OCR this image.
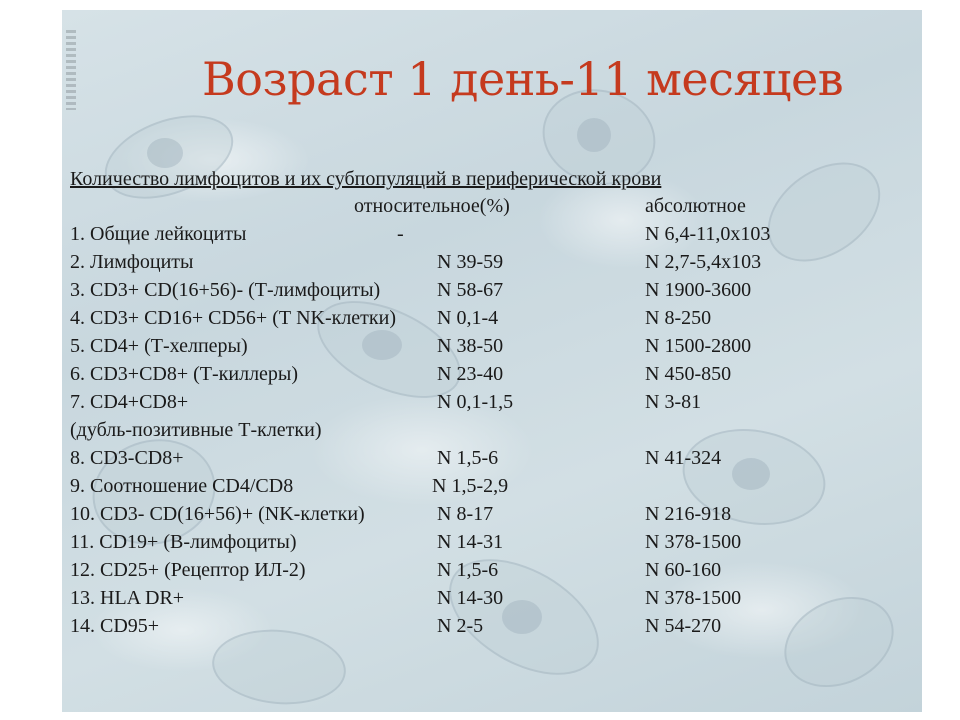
Возраст 1 день-11 месяцев
Количество лимфоцитов и их субпопуляций в периферической крови
относительное(%)	абсолютное
1. Общие лейкоциты	-	N 6,4-11,0х103
2. Лимфоциты	N 39-59	N 2,7-5,4х103
3. CD3+ CD(16+56)- (Т-лимфоциты)	N 58-67	N 1900-3600
4. CD3+ CD16+ CD56+ (Т NK-клетки) N 0,1-4	N 8-250
5. CD4+ (Т-хелперы)	N 38-50	N 1500-2800
6. CD3+CD8+ (Т-киллеры)	N 23-40	N 450-850
7. CD4+CD8+	N 0,1-1,5	N 3-81
(дубль-позитивные Т-клетки)
8. CD3-CD8+	N 1,5-6	N 41-324
9. Соотношение CD4/CD8	N 1,5-2,9
10. CD3- CD(16+56)+ (NK-клетки)	N 8-17	N 216-918
11. CD19+ (В-лимфоциты)	N 14-31	N 378-1500
12. CD25+ (Рецептор ИЛ-2)	N 1,5-6	N 60-160
13. HLA DR+	N 14-30	N 378-1500
14. CD95+	N 2-5	N 54-270
